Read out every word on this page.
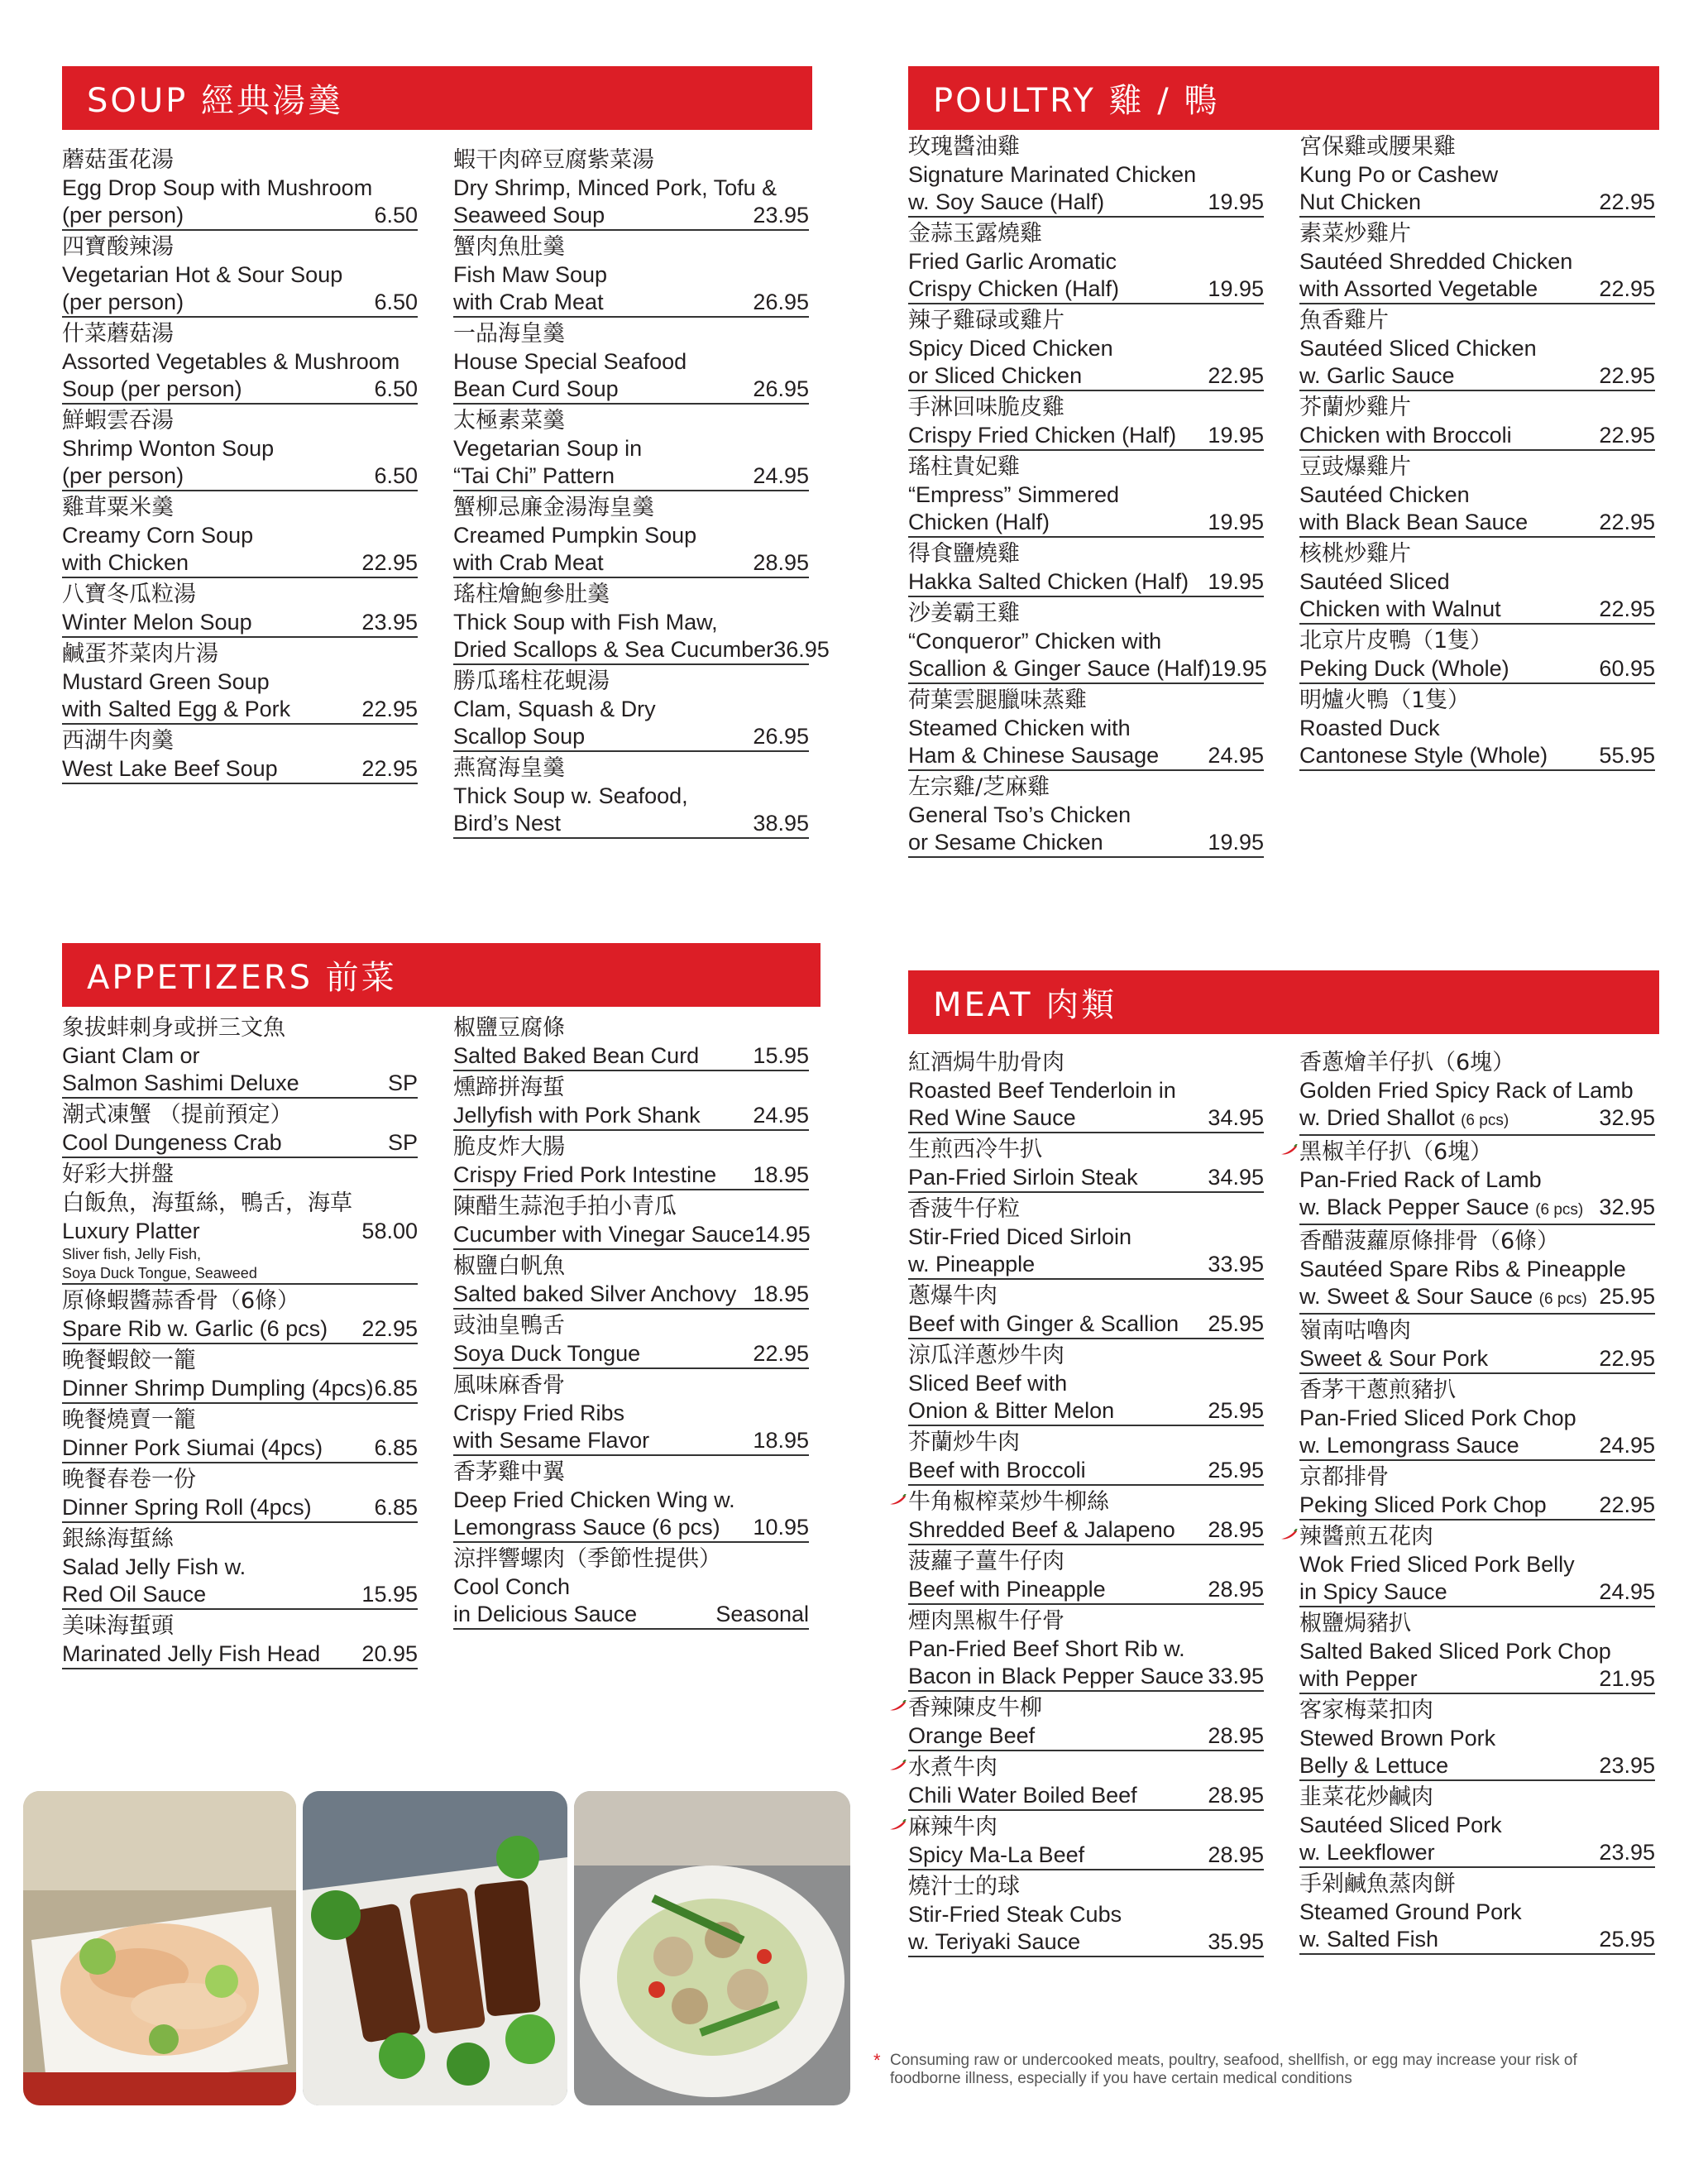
SOUP 經典湯羹
蘑菇蛋花湯
Egg Drop Soup with Mushroom
(per person)	6.50
四寶酸辣湯
Vegetarian Hot & Sour Soup
(per person)	6.50
什菜蘑菇湯
Assorted Vegetables & Mushroom
Soup (per person)	6.50
鮮蝦雲吞湯
Shrimp Wonton Soup
(per person)	6.50
雞茸粟米羹
Creamy Corn Soup
with Chicken	22.95
八寶冬瓜粒湯
Winter Melon Soup	23.95
鹹蛋芥菜肉片湯
Mustard Green Soup
with Salted Egg & Pork	22.95
西湖牛肉羹
West Lake Beef Soup	22.95
蝦干肉碎豆腐紫菜湯
Dry Shrimp, Minced Pork, Tofu &
Seaweed Soup	23.95
蟹肉魚肚羹
Fish Maw Soup
with Crab Meat	26.95
一品海皇羹
House Special Seafood
Bean Curd Soup	26.95
太極素菜羹
Vegetarian Soup in
“Tai Chi” Pattern	24.95
蟹柳忌廉金湯海皇羹
Creamed Pumpkin Soup
with Crab Meat	28.95
瑤柱燴鮑參肚羹
Thick Soup with Fish Maw,
Dried Scallops & Sea Cucumber 36.95
勝瓜瑤柱花蜆湯
Clam, Squash & Dry
Scallop Soup	26.95
燕窩海皇羹
Thick Soup w. Seafood,
Bird’s Nest	38.95
POULTRY 雞 / 鴨
玫瑰醬油雞
Signature Marinated Chicken
w. Soy Sauce (Half)	19.95
金蒜玉露燒雞
Fried Garlic Aromatic
Crispy Chicken (Half)	19.95
辣子雞碌或雞片
Spicy Diced Chicken
or Sliced Chicken	22.95
手淋回味脆皮雞
Crispy Fried Chicken (Half) 19.95
瑤柱貴妃雞
“Empress” Simmered
Chicken (Half)	19.95
得食鹽燒雞
Hakka Salted Chicken (Half) 19.95
沙姜霸王雞
“Conqueror” Chicken with
Scallion & Ginger Sauce (Half) 19.95
荷葉雲腿臘味蒸雞
Steamed Chicken with
Ham & Chinese Sausage 24.95
左宗雞/芝麻雞
General Tso’s Chicken
or Sesame Chicken	19.95
宮保雞或腰果雞
Kung Po or Cashew
Nut Chicken	22.95
素菜炒雞片
Sautéed Shredded Chicken
with Assorted Vegetable	22.95
魚香雞片
Sautéed Sliced Chicken
w. Garlic Sauce	22.95
芥蘭炒雞片
Chicken with Broccoli	22.95
豆豉爆雞片
Sautéed Chicken
with Black Bean Sauce	22.95
核桃炒雞片
Sautéed Sliced
Chicken with Walnut	22.95
北京片皮鴨（1隻）
Peking Duck (Whole)	60.95
明爐火鴨（1隻）
Roasted Duck
Cantonese Style (Whole) 55.95
APPETIZERS 前菜
象拔蚌刺身或拼三文魚
Giant Clam or
Salmon Sashimi Deluxe	SP
潮式凍蟹 （提前預定）
Cool Dungeness Crab	SP
好彩大拼盤
白飯魚，海蜇絲，鴨舌，海草
Luxury Platter	58.00
Sliver fish, Jelly Fish,
Soya Duck Tongue, Seaweed
原條蝦醬蒜香骨（6條）
Spare Rib w. Garlic (6 pcs) 22.95
晚餐蝦餃一籠
Dinner Shrimp Dumpling (4pcs) 6.85
晚餐燒賣一籠
Dinner Pork Siumai (4pcs) 6.85
晚餐春卷一份
Dinner Spring Roll (4pcs)	6.85
銀絲海蜇絲
Salad Jelly Fish w.
Red Oil Sauce	15.95
美味海蜇頭
Marinated Jelly Fish Head 20.95
椒鹽豆腐條
Salted Baked Bean Curd 15.95
燻蹄拼海蜇
Jellyfish with Pork Shank 24.95
脆皮炸大腸
Crispy Fried Pork Intestine 18.95
陳醋生蒜泡手拍小青瓜
Cucumber with Vinegar Sauce 14.95
椒鹽白帆魚
Salted baked Silver Anchovy 18.95
豉油皇鴨舌
Soya Duck Tongue	22.95
風味麻香骨
Crispy Fried Ribs
with Sesame Flavor	18.95
香茅雞中翼
Deep Fried Chicken Wing w.
Lemongrass Sauce (6 pcs) 10.95
涼拌響螺肉（季節性提供）
Cool Conch
in Delicious Sauce	Seasonal
MEAT 肉類
紅酒焗牛肋骨肉
Roasted Beef Tenderloin in
Red Wine Sauce	34.95
生煎西冷牛扒
Pan-Fried Sirloin Steak	34.95
香菠牛仔粒
Stir-Fried Diced Sirloin
w. Pineapple	33.95
蔥爆牛肉
Beef with Ginger & Scallion 25.95
涼瓜洋蔥炒牛肉
Sliced Beef with
Onion & Bitter Melon	25.95
芥蘭炒牛肉
Beef with Broccoli	25.95
牛角椒榨菜炒牛柳絲
Shredded Beef & Jalapeno 28.95
菠蘿子薑牛仔肉
Beef with Pineapple	28.95
煙肉黑椒牛仔骨
Pan-Fried Beef Short Rib w.
Bacon in Black Pepper Sauce 33.95
香辣陳皮牛柳
Orange Beef	28.95
水煮牛肉
Chili Water Boiled Beef	28.95
麻辣牛肉
Spicy Ma-La Beef	28.95
燒汁士的球
Stir-Fried Steak Cubs
w. Teriyaki Sauce	35.95
香蔥燴羊仔扒（6塊）
Golden Fried Spicy Rack of Lamb
w. Dried Shallot (6 pcs)	32.95
黑椒羊仔扒（6塊）
Pan-Fried Rack of Lamb
w. Black Pepper Sauce (6 pcs) 32.95
香醋菠蘿原條排骨（6條）
Sautéed Spare Ribs & Pineapple
w. Sweet & Sour Sauce (6 pcs) 25.95
嶺南咕嚕肉
Sweet & Sour Pork	22.95
香茅干蔥煎豬扒
Pan-Fried Sliced Pork Chop
w. Lemongrass Sauce	24.95
京都排骨
Peking Sliced Pork Chop 22.95
辣醬煎五花肉
Wok Fried Sliced Pork Belly
in Spicy Sauce	24.95
椒鹽焗豬扒
Salted Baked Sliced Pork Chop
with Pepper	21.95
客家梅菜扣肉
Stewed Brown Pork
Belly & Lettuce	23.95
韭菜花炒鹹肉
Sautéed Sliced Pork
w. Leekflower	23.95
手剁鹹魚蒸肉餅
Steamed Ground Pork
w. Salted Fish	25.95
* Consuming raw or undercooked meats, poultry, seafood, shellfish, or egg may increase your risk of foodborne illness, especially if you have certain medical conditions
